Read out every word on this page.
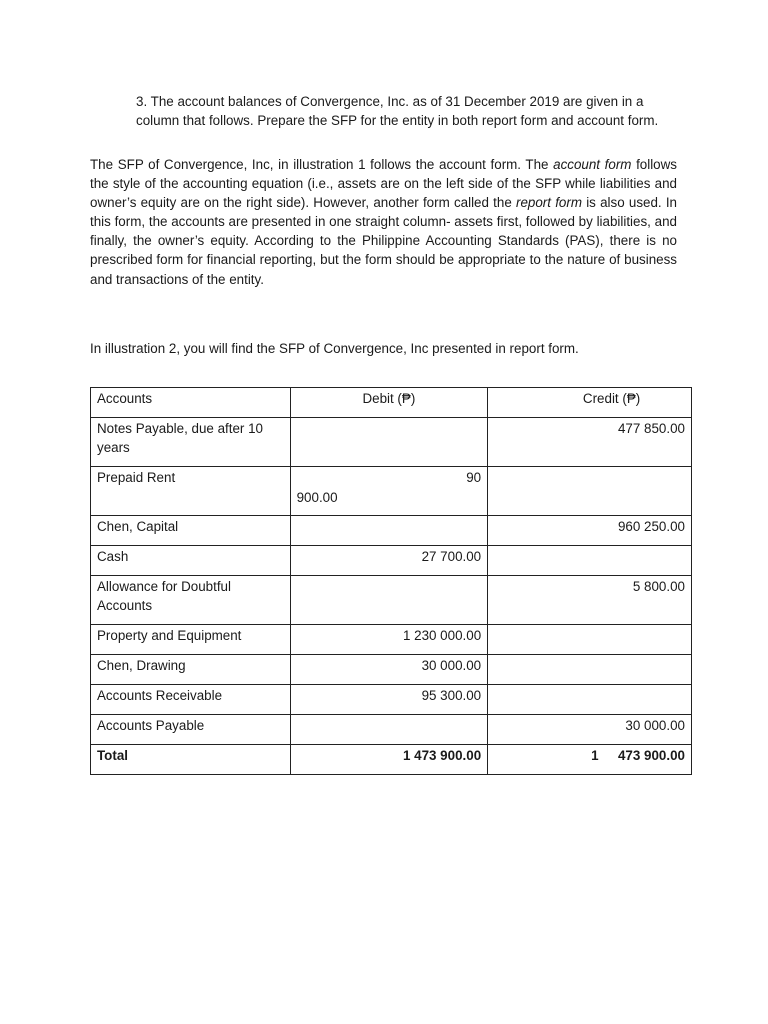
3. The account balances of Convergence, Inc. as of 31 December 2019 are given in a
column that follows. Prepare the SFP for the entity in both report form and account form.
The SFP of Convergence, Inc, in illustration 1 follows the account form. The account form follows the style of the accounting equation (i.e., assets are on the left side of the SFP while liabilities and owner’s equity are on the right side). However, another form called the report form is also used. In this form, the accounts are presented in one straight column- assets first, followed by liabilities, and finally, the owner’s equity. According to the Philippine Accounting Standards (PAS), there is no prescribed form for financial reporting, but the form should be appropriate to the nature of business and transactions of the entity.
In illustration 2, you will find the SFP of Convergence, Inc presented in report form.
Accounts	Debit (₱)	Credit (₱)

Notes Payable, due after 10 years		477 850.00

Prepaid Rent	90
900.00	

Chen, Capital		960 250.00

Cash	27 700.00	

Allowance for Doubtful Accounts		5 800.00

Property and Equipment	1 230 000.00	

Chen, Drawing	30 000.00	

Accounts Receivable	95 300.00	

Accounts Payable		30 000.00

Total	1 473 900.00	1 473 900.00
